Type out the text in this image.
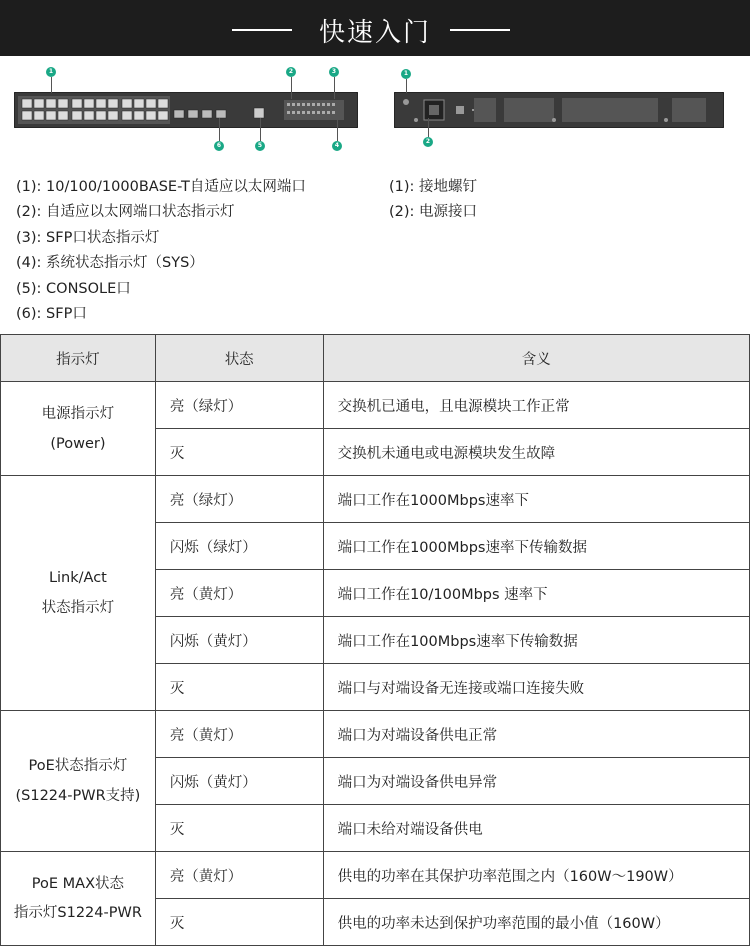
快速入门
1	2	3
6	5	4
1
2
(1): 10/100/1000BASE-T自适应以太网端口
(2): 自适应以太网端口状态指示灯
(3): SFP口状态指示灯
(4): 系统状态指示灯（SYS）
(5): CONSOLE口
(6): SFP口
(1): 接地螺钉
(2): 电源接口
指示灯	状态	含义

电源指示灯
(Power)	亮（绿灯）	交换机已通电，且电源模块工作正常
	灭	交换机未通电或电源模块发生故障

Link/Act
状态指示灯	亮（绿灯）	端口工作在1000Mbps速率下
	闪烁（绿灯）	端口工作在1000Mbps速率下传输数据
	亮（黄灯）	端口工作在10/100Mbps 速率下
	闪烁（黄灯）	端口工作在100Mbps速率下传输数据
	灭	端口与对端设备无连接或端口连接失败

PoE状态指示灯
(S1224-PWR支持)	亮（黄灯）	端口为对端设备供电正常
	闪烁（黄灯）	端口为对端设备供电异常
	灭	端口未给对端设备供电

PoE MAX状态
指示灯S1224-PWR	亮（黄灯）	供电的功率在其保护功率范围之内（160W～190W）
	灭	供电的功率未达到保护功率范围的最小值（160W）
